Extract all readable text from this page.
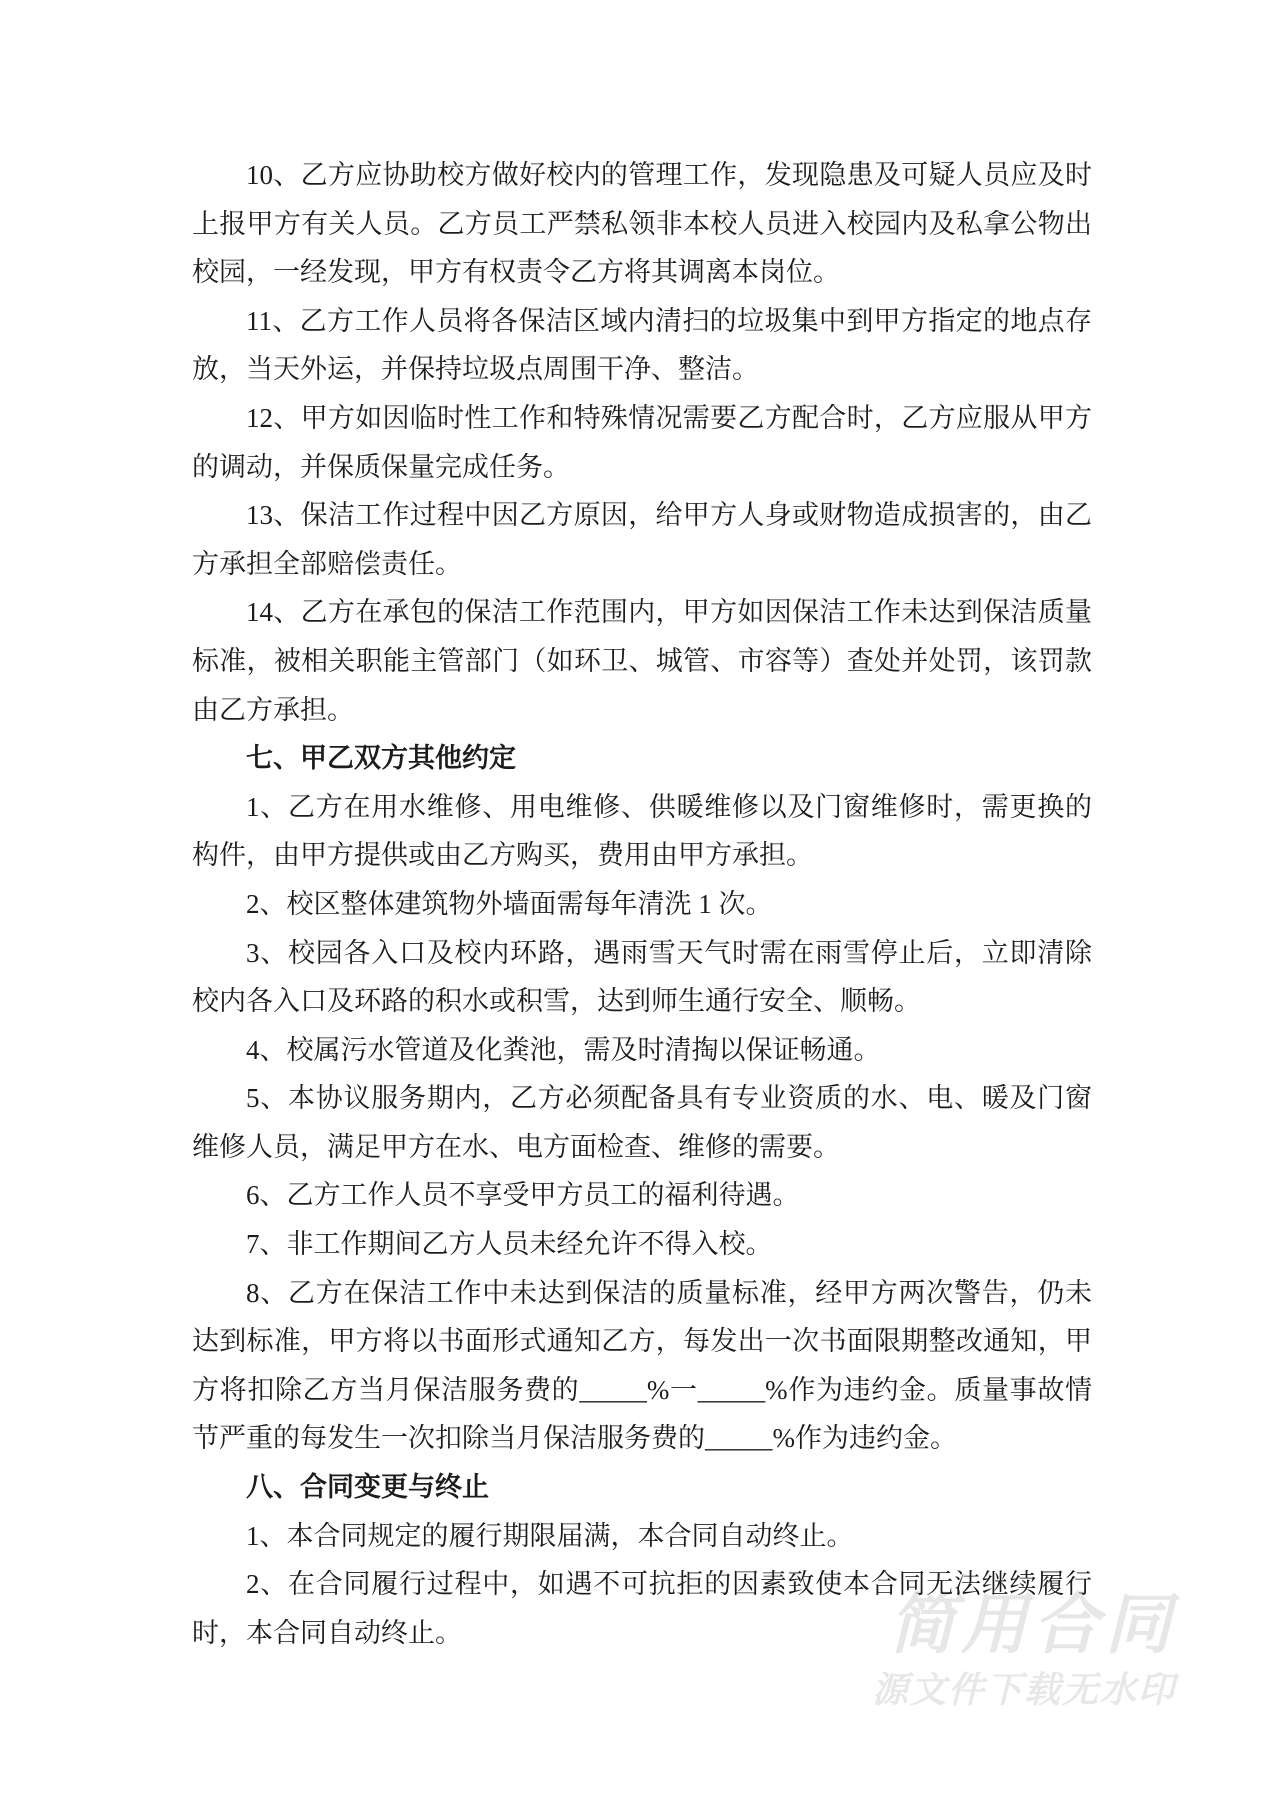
10、乙方应协助校方做好校内的管理工作，发现隐患及可疑人员应及时上报甲方有关人员。乙方员工严禁私领非本校人员进入校园内及私拿公物出校园，一经发现，甲方有权责令乙方将其调离本岗位。

11、乙方工作人员将各保洁区域内清扫的垃圾集中到甲方指定的地点存放，当天外运，并保持垃圾点周围干净、整洁。

12、甲方如因临时性工作和特殊情况需要乙方配合时，乙方应服从甲方的调动，并保质保量完成任务。

13、保洁工作过程中因乙方原因，给甲方人身或财物造成损害的，由乙方承担全部赔偿责任。

14、乙方在承包的保洁工作范围内，甲方如因保洁工作未达到保洁质量标准，被相关职能主管部门（如环卫、城管、市容等）查处并处罚，该罚款由乙方承担。

七、甲乙双方其他约定

1、乙方在用水维修、用电维修、供暖维修以及门窗维修时，需更换的构件，由甲方提供或由乙方购买，费用由甲方承担。

2、校区整体建筑物外墙面需每年清洗 1 次。

3、校园各入口及校内环路，遇雨雪天气时需在雨雪停止后，立即清除校内各入口及环路的积水或积雪，达到师生通行安全、顺畅。

4、校属污水管道及化粪池，需及时清掏以保证畅通。

5、本协议服务期内，乙方必须配备具有专业资质的水、电、暖及门窗维修人员，满足甲方在水、电方面检查、维修的需要。

6、乙方工作人员不享受甲方员工的福利待遇。

7、非工作期间乙方人员未经允许不得入校。

8、乙方在保洁工作中未达到保洁的质量标准，经甲方两次警告，仍未达到标准，甲方将以书面形式通知乙方，每发出一次书面限期整改通知，甲方将扣除乙方当月保洁服务费的_____%一_____%作为违约金。质量事故情节严重的每发生一次扣除当月保洁服务费的_____%作为违约金。

八、合同变更与终止

1、本合同规定的履行期限届满，本合同自动终止。

2、在合同履行过程中，如遇不可抗拒的因素致使本合同无法继续履行时，本合同自动终止。	简用合同
源文件下载无水印
